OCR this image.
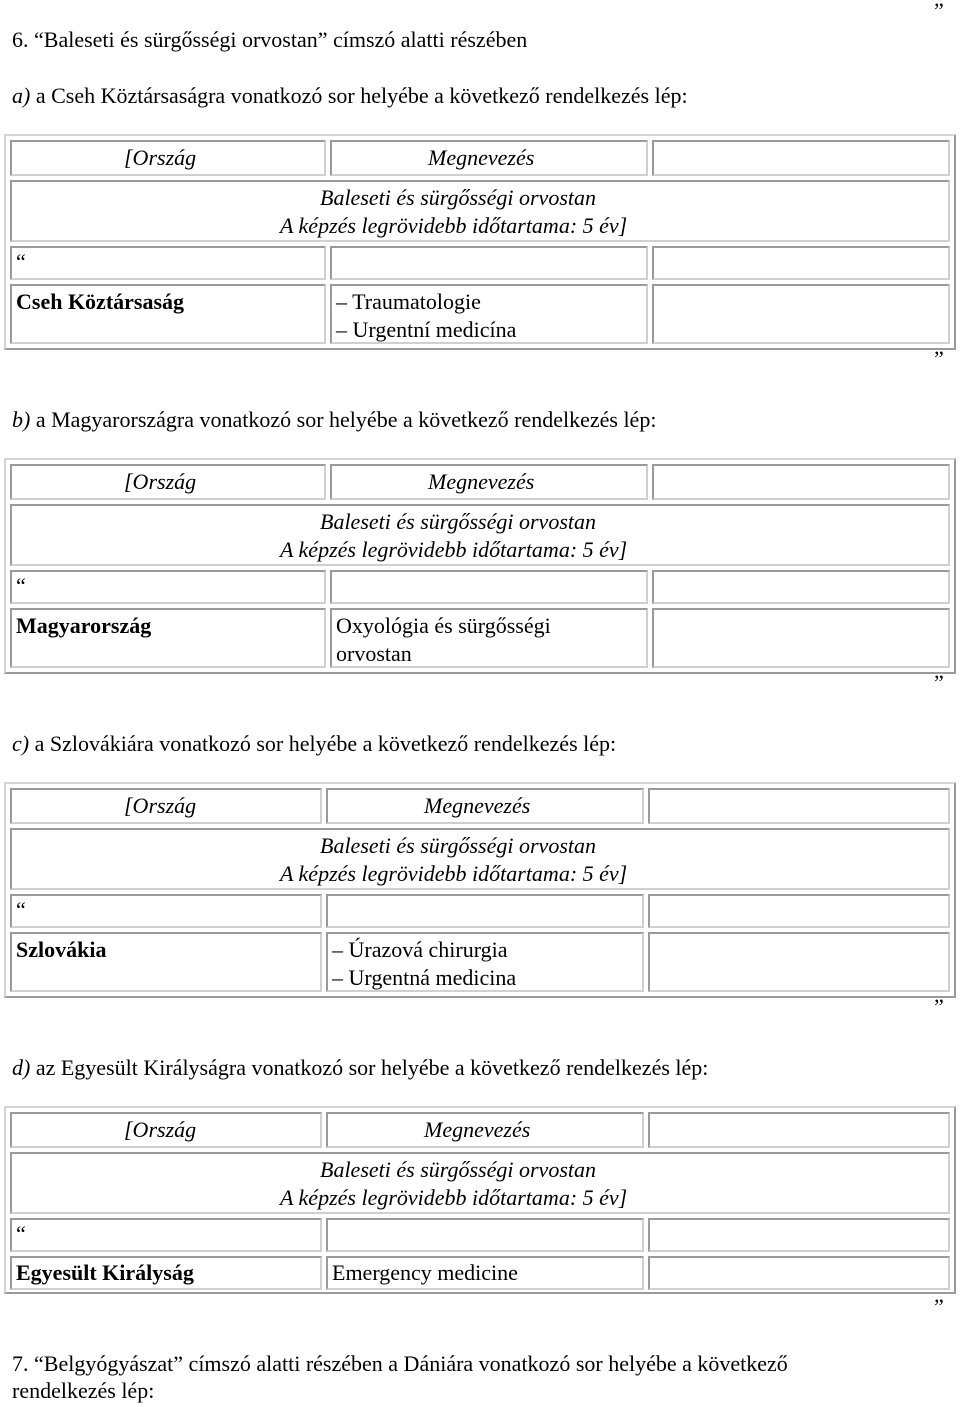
”
6. “Baleseti és sürgősségi orvostan” címszó alatti részében
a) a Cseh Köztársaságra vonatkozó sor helyébe a következő rendelkezés lép:
[Ország	Megnevezés
Baleseti és sürgősségi orvostan
A képzés legrövidebb időtartama: 5 év]
“
Cseh Köztársaság	– Traumatologie
– Urgentní medicína
”
b) a Magyarországra vonatkozó sor helyébe a következő rendelkezés lép:
[Ország	Megnevezés
Baleseti és sürgősségi orvostan
A képzés legrövidebb időtartama: 5 év]
“
Magyarország	Oxyológia és sürgősségi
orvostan
”
c) a Szlovákiára vonatkozó sor helyébe a következő rendelkezés lép:
[Ország	Megnevezés
Baleseti és sürgősségi orvostan
A képzés legrövidebb időtartama: 5 év]
“
Szlovákia	– Úrazová chirurgia
– Urgentná medicina
”
d) az Egyesült Királyságra vonatkozó sor helyébe a következő rendelkezés lép:
[Ország	Megnevezés
Baleseti és sürgősségi orvostan
A képzés legrövidebb időtartama: 5 év]
“
Egyesült Királyság	Emergency medicine
”
7. “Belgyógyászat” címszó alatti részében a Dániára vonatkozó sor helyébe a következő
rendelkezés lép:
